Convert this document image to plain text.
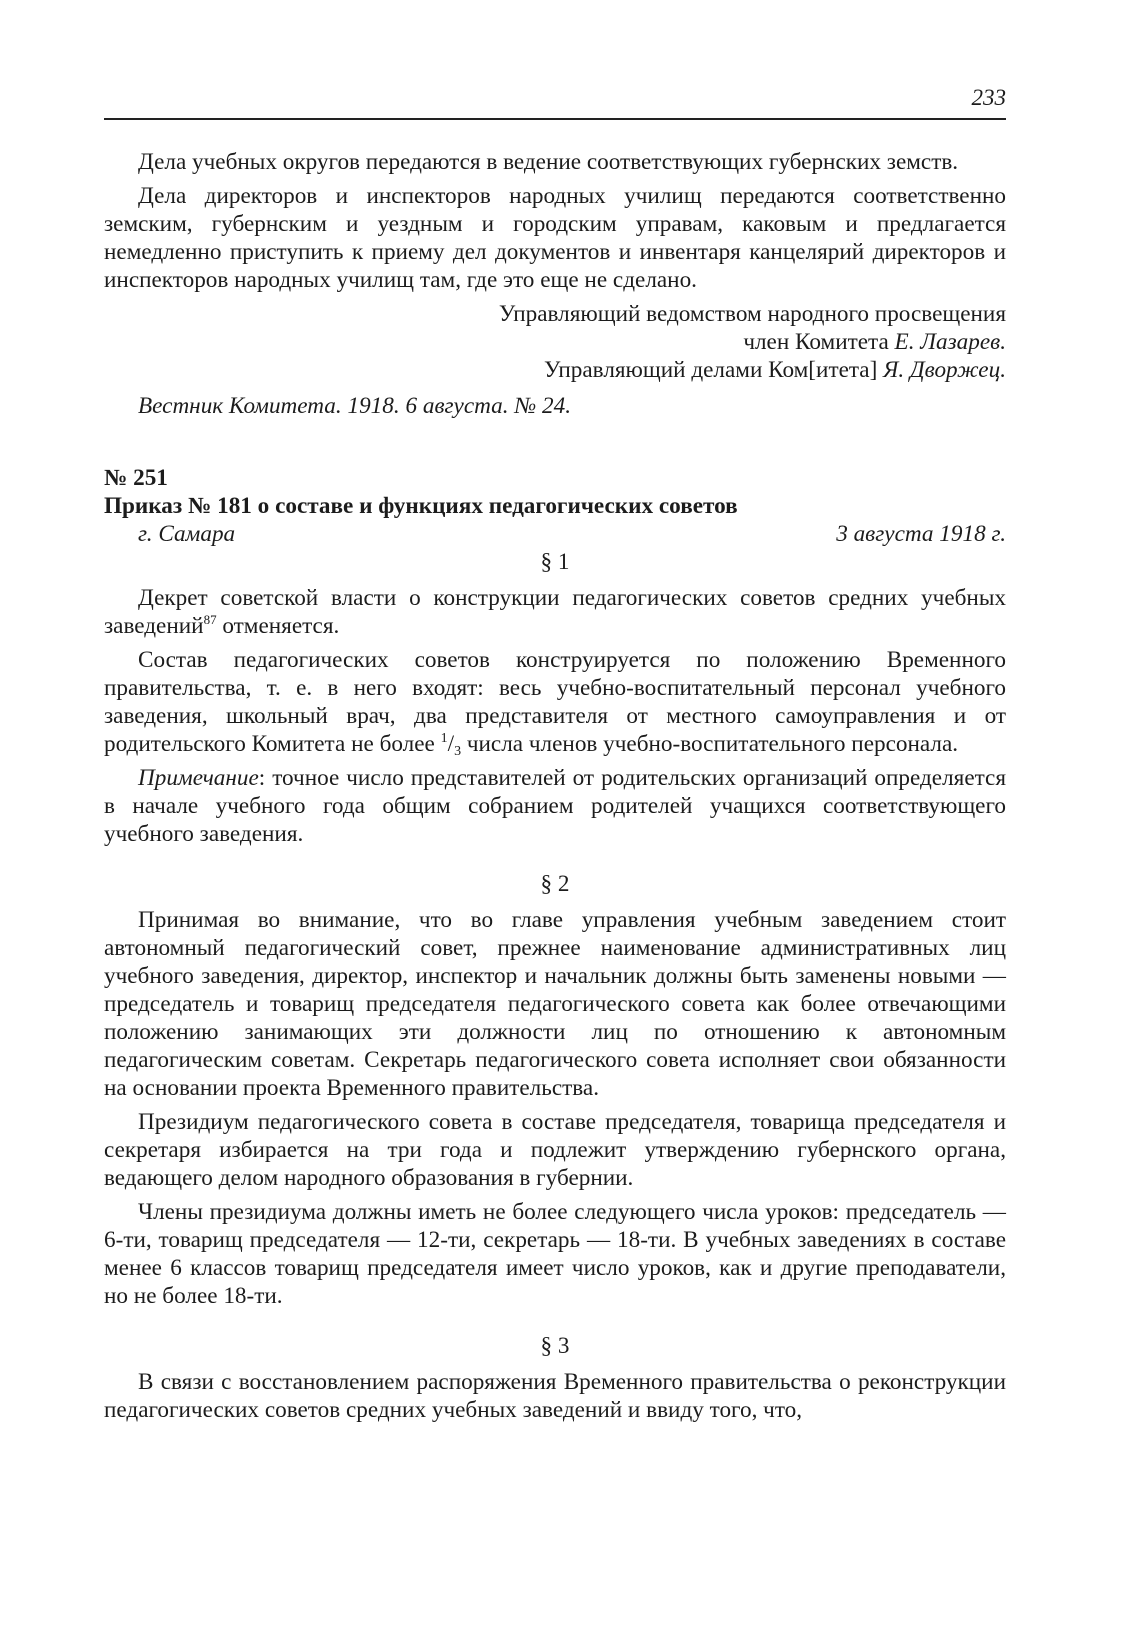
233

Дела учебных округов передаются в ведение соответствующих губернских земств.

Дела директоров и инспекторов народных училищ передаются соответственно земским, губернским и уездным и городским управам, каковым и предлагается немедленно приступить к приему дел документов и инвентаря канцелярий директоров и инспекторов народных училищ там, где это еще не сделано.

Управляющий ведомством народного просвещения
член Комитета Е. Лазарев.
Управляющий делами Ком[итета] Я. Дворжец.
Вестник Комитета. 1918. 6 августа. № 24.
№ 251
Приказ № 181 о составе и функциях педагогических советов
г. Самара	3 августа 1918 г.
§ 1

Декрет советской власти о конструкции педагогических советов средних учебных заведений$^{87}$ отменяется.

Состав педагогических советов конструируется по положению Временного правительства, т. е. в него входят: весь учебно-воспитательный персонал учебного заведения, школьный врач, два представителя от местного самоуправления и от родительского Комитета не более $^1$/3 числа членов учебно-воспитательного персонала.

Примечание: точное число представителей от родительских организаций определяется в начале учебного года общим собранием родителей учащихся соответствующего учебного заведения.

§ 2

Принимая во внимание, что во главе управления учебным заведением стоит автономный педагогический совет, прежнее наименование административных лиц учебного заведения, директор, инспектор и начальник должны быть заменены новыми — председатель и товарищ председателя педагогического совета как более отвечающими положению занимающих эти должности лиц по отношению к автономным педагогическим советам. Секретарь педагогического совета исполняет свои обязанности на основании проекта Временного правительства.

Президиум педагогического совета в составе председателя, товарища председателя и секретаря избирается на три года и подлежит утверждению губернского органа, ведающего делом народного образования в губернии.

Члены президиума должны иметь не более следующего числа уроков: председатель — 6-ти, товарищ председателя — 12-ти, секретарь — 18-ти. В учебных заведениях в составе менее 6 классов товарищ председателя имеет число уроков, как и другие преподаватели, но не более 18-ти.

§ 3

В связи с восстановлением распоряжения Временного правительства о реконструкции педагогических советов средних учебных заведений и ввиду того, что,
